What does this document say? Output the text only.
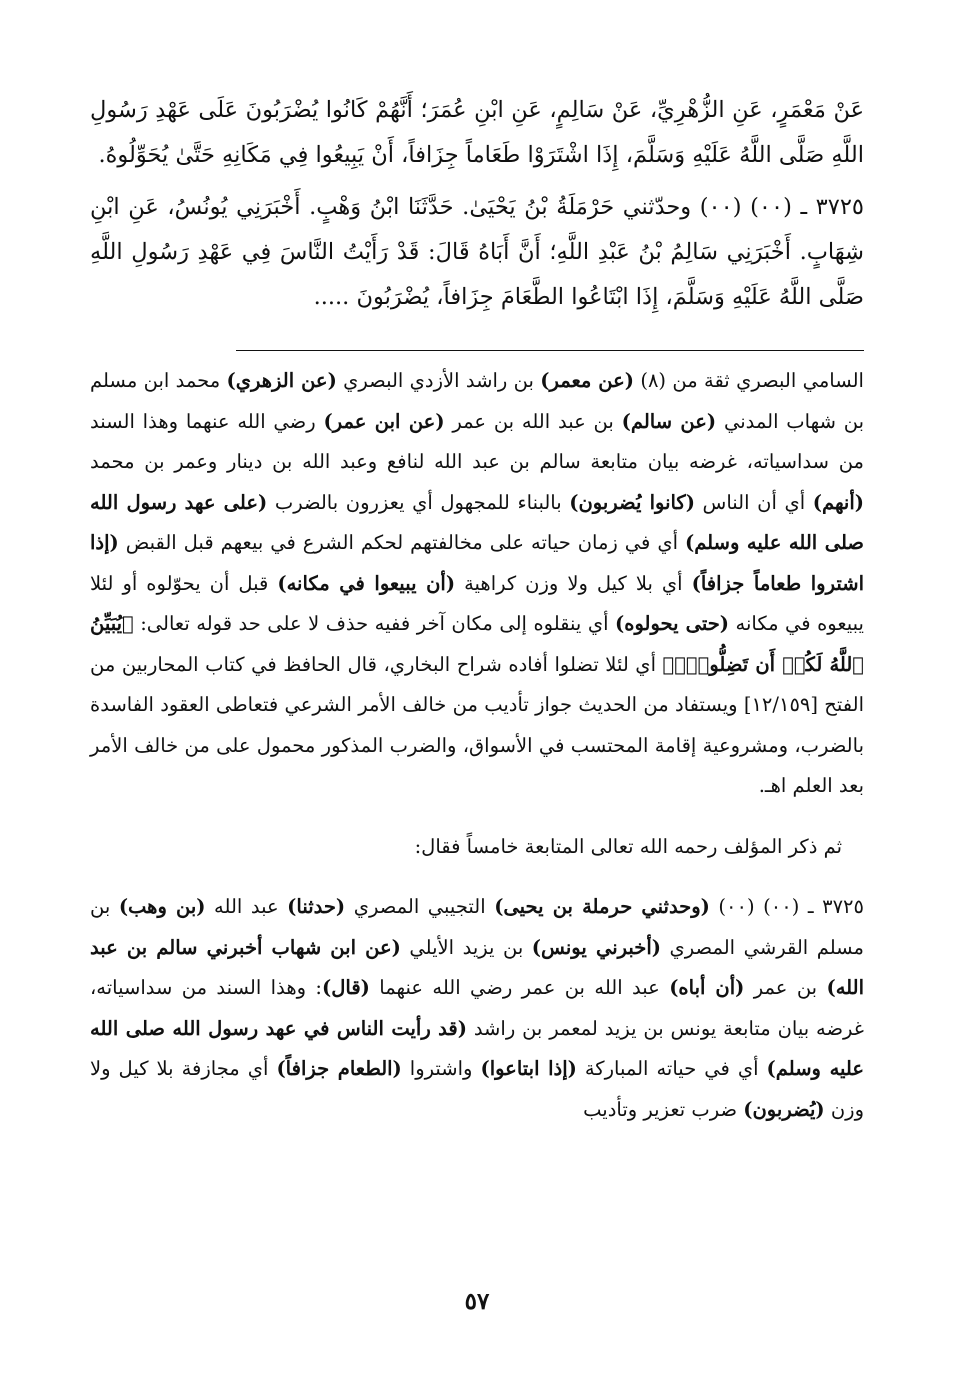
عَنْ مَعْمَرٍ، عَنِ الزُّهْرِيِّ، عَنْ سَالِمٍ، عَنِ ابْنِ عُمَرَ؛ أَنَّهُمْ كَانُوا يُضْرَبُونَ عَلَى عَهْدِ رَسُولِ اللَّهِ صَلَّى اللَّهُ عَلَيْهِ وَسَلَّمَ، إِذَا اشْتَرَوْا طَعَاماً جِزَافاً، أَنْ يَبِيعُوا فِي مَكَانِهِ حَتَّىٰ يُحَوِّلُوهُ.

٣٧٢٥ ـ (٠٠) (٠٠) وحدّثني حَرْمَلَةُ بْنُ يَحْيَىٰ. حَدَّثَنَا ابْنُ وَهْبٍ. أَخْبَرَنِي يُونُسُ، عَنِ ابْنِ شِهَابٍ. أَخْبَرَنِي سَالِمُ بْنُ عَبْدِ اللَّهِ؛ أَنَّ أَبَاهُ قَالَ: قَدْ رَأَيْتُ النَّاسَ فِي عَهْدِ رَسُولِ اللَّهِ صَلَّى اللَّهُ عَلَيْهِ وَسَلَّمَ، إِذَا ابْتَاعُوا الطَّعَامَ جِزَافاً، يُضْرَبُونَ .....

السامي البصري ثقة من (٨) (عن معمر) بن راشد الأزدي البصري (عن الزهري) محمد ابن مسلم بن شهاب المدني (عن سالم) بن عبد الله بن عمر (عن ابن عمر) رضي الله عنهما وهذا السند من سداسياته، غرضه بيان متابعة سالم بن عبد الله لنافع وعبد الله بن دينار وعمر بن محمد (أنهم) أي أن الناس (كانوا يُضربون) بالبناء للمجهول أي يعزرون بالضرب (على عهد رسول الله صلى الله عليه وسلم) أي في زمان حياته على مخالفتهم لحكم الشرع في بيعهم قبل القبض (إذا اشتروا طعاماً جزافاً) أي بلا كيل ولا وزن كراهية (أن يبيعوا في مكانه) قبل أن يحوّلوه أو لئلا يبيعوه في مكانه (حتى يحولوه) أي ينقلوه إلى مكان آخر ففيه حذف لا على حد قوله تعالى: ﴿يُبَيِّنُ ٱللَّهُ لَكُمۡ أَن تَضِلُّواْۗ﴾ أي لئلا تضلوا أفاده شراح البخاري، قال الحافظ في كتاب المحاربين من الفتح [١٢/١٥٩] ويستفاد من الحديث جواز تأديب من خالف الأمر الشرعي فتعاطى العقود الفاسدة بالضرب، ومشروعية إقامة المحتسب في الأسواق، والضرب المذكور محمول على من خالف الأمر بعد العلم اهـ.

ثم ذكر المؤلف رحمه الله تعالى المتابعة خامساً فقال:

٣٧٢٥ ـ (٠٠) (٠٠) (وحدثني حرملة بن يحيى) التجيبي المصري (حدثنا) عبد الله (بن وهب) بن مسلم القرشي المصري (أخبرني يونس) بن يزيد الأيلي (عن ابن شهاب أخبرني سالم بن عبد الله) بن عمر (أن أباه) عبد الله بن عمر رضي الله عنهما (قال): وهذا السند من سداسياته، غرضه بيان متابعة يونس بن يزيد لمعمر بن راشد (قد رأيت الناس في عهد رسول الله صلى الله عليه وسلم) أي في حياته المباركة (إذا ابتاعوا) واشتروا (الطعام جزافاً) أي مجازفة بلا كيل ولا وزن (يُضربون) ضرب تعزير وتأديب

٥٧
